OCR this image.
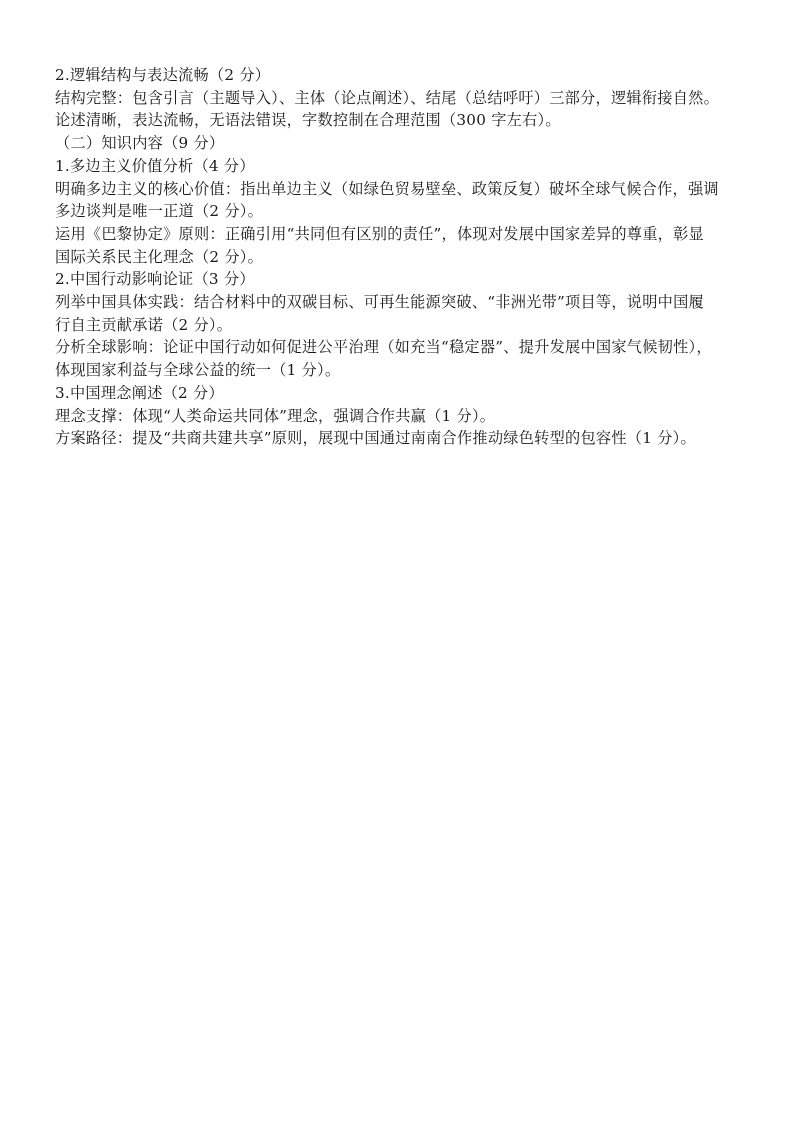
2.逻辑结构与表达流畅（2 分）
结构完整：包含引言（主题导入）、主体（论点阐述）、结尾（总结呼吁）三部分，逻辑衔接自然。
论述清晰，表达流畅，无语法错误，字数控制在合理范围（300 字左右）。
（二）知识内容（9 分）
1.多边主义价值分析（4 分）
明确多边主义的核心价值：指出单边主义（如绿色贸易壁垒、政策反复）破坏全球气候合作，强调
多边谈判是唯一正道（2 分）。
运用《巴黎协定》原则：正确引用“共同但有区别的责任”，体现对发展中国家差异的尊重，彰显
国际关系民主化理念（2 分）。
2.中国行动影响论证（3 分）
列举中国具体实践：结合材料中的双碳目标、可再生能源突破、“非洲光带”项目等，说明中国履
行自主贡献承诺（2 分）。
分析全球影响：论证中国行动如何促进公平治理（如充当“稳定器”、提升发展中国家气候韧性），
体现国家利益与全球公益的统一（1 分）。
3.中国理念阐述（2 分）
理念支撑：体现“人类命运共同体”理念，强调合作共赢（1 分）。
方案路径：提及“共商共建共享”原则，展现中国通过南南合作推动绿色转型的包容性（1 分）。
